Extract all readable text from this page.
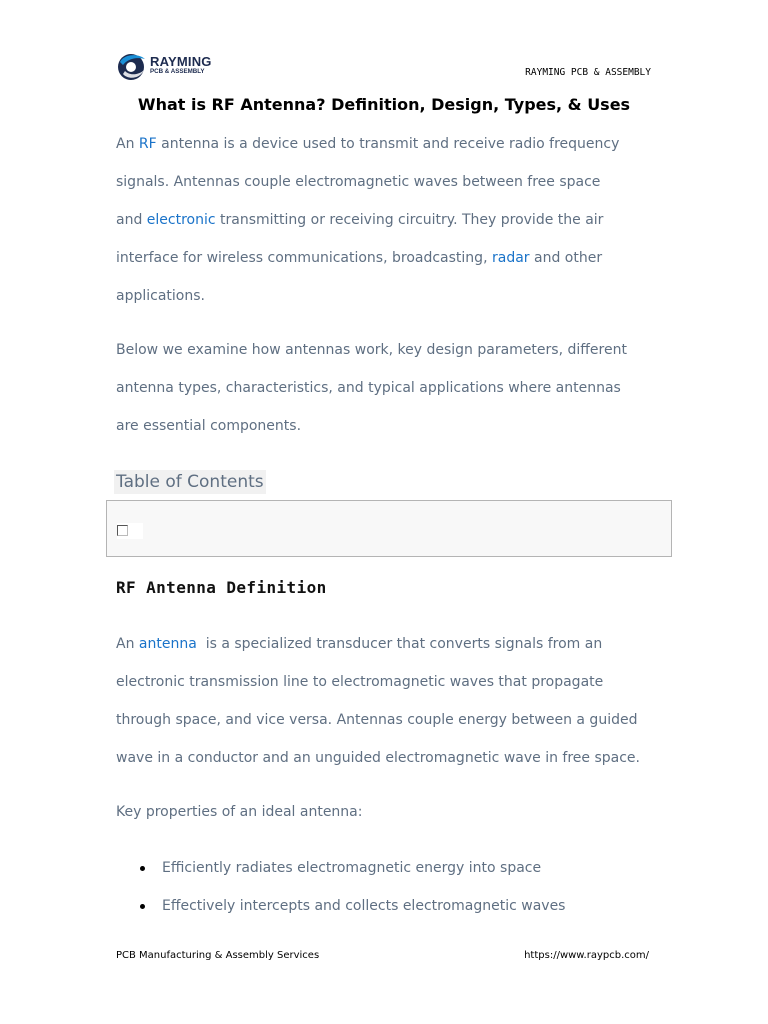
RAYMING
PCB & ASSEMBLY	RAYMING PCB & ASSEMBLY
What is RF Antenna? Definition, Design, Types, & Uses
An RF antenna is a device used to transmit and receive radio frequency
signals. Antennas couple electromagnetic waves between free space
and electronic transmitting or receiving circuitry. They provide the air
interface for wireless communications, broadcasting, radar and other
applications.
Below we examine how antennas work, key design parameters, different
antenna types, characteristics, and typical applications where antennas
are essential components.
Table of Contents
RF Antenna Definition
An antenna  is a specialized transducer that converts signals from an
electronic transmission line to electromagnetic waves that propagate
through space, and vice versa. Antennas couple energy between a guided
wave in a conductor and an unguided electromagnetic wave in free space.
Key properties of an ideal antenna:
Efficiently radiates electromagnetic energy into space
Effectively intercepts and collects electromagnetic waves
PCB Manufacturing & Assembly Services	https://www.raypcb.com/
